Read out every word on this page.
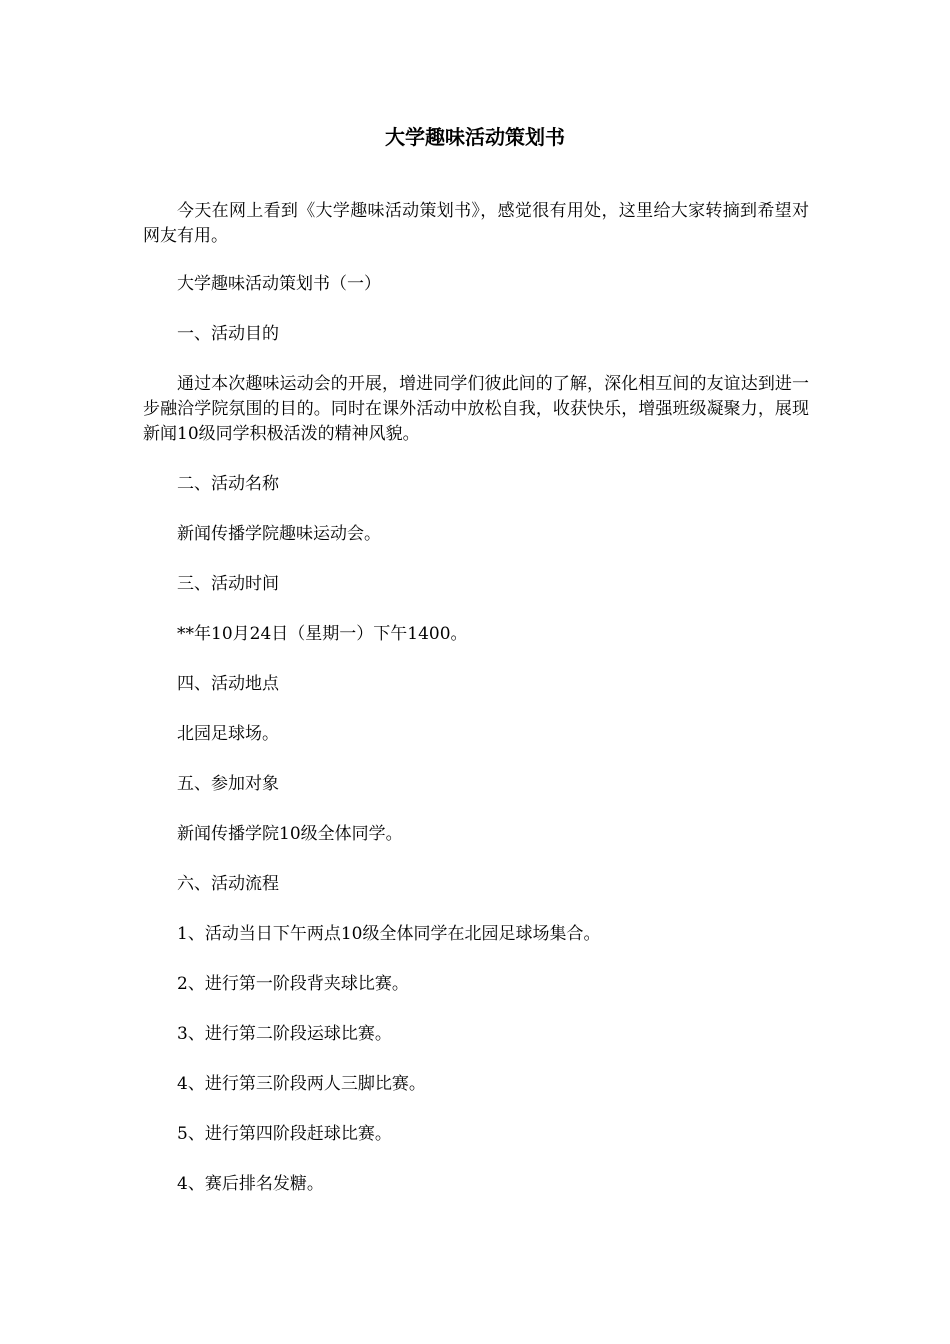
大学趣味活动策划书

今天在网上看到《大学趣味活动策划书》，感觉很有用处，这里给大家转摘到希望对网友有用。

大学趣味活动策划书（一）

一、活动目的

通过本次趣味运动会的开展，增进同学们彼此间的了解，深化相互间的友谊达到进一步融洽学院氛围的目的。同时在课外活动中放松自我，收获快乐，增强班级凝聚力，展现新闻10级同学积极活泼的精神风貌。

二、活动名称

新闻传播学院趣味运动会。

三、活动时间

**年10月24日（星期一）下午1400。

四、活动地点

北园足球场。

五、参加对象

新闻传播学院10级全体同学。

六、活动流程

1、活动当日下午两点10级全体同学在北园足球场集合。

2、进行第一阶段背夹球比赛。

3、进行第二阶段运球比赛。

4、进行第三阶段两人三脚比赛。

5、进行第四阶段赶球比赛。

4、赛后排名发糖。
